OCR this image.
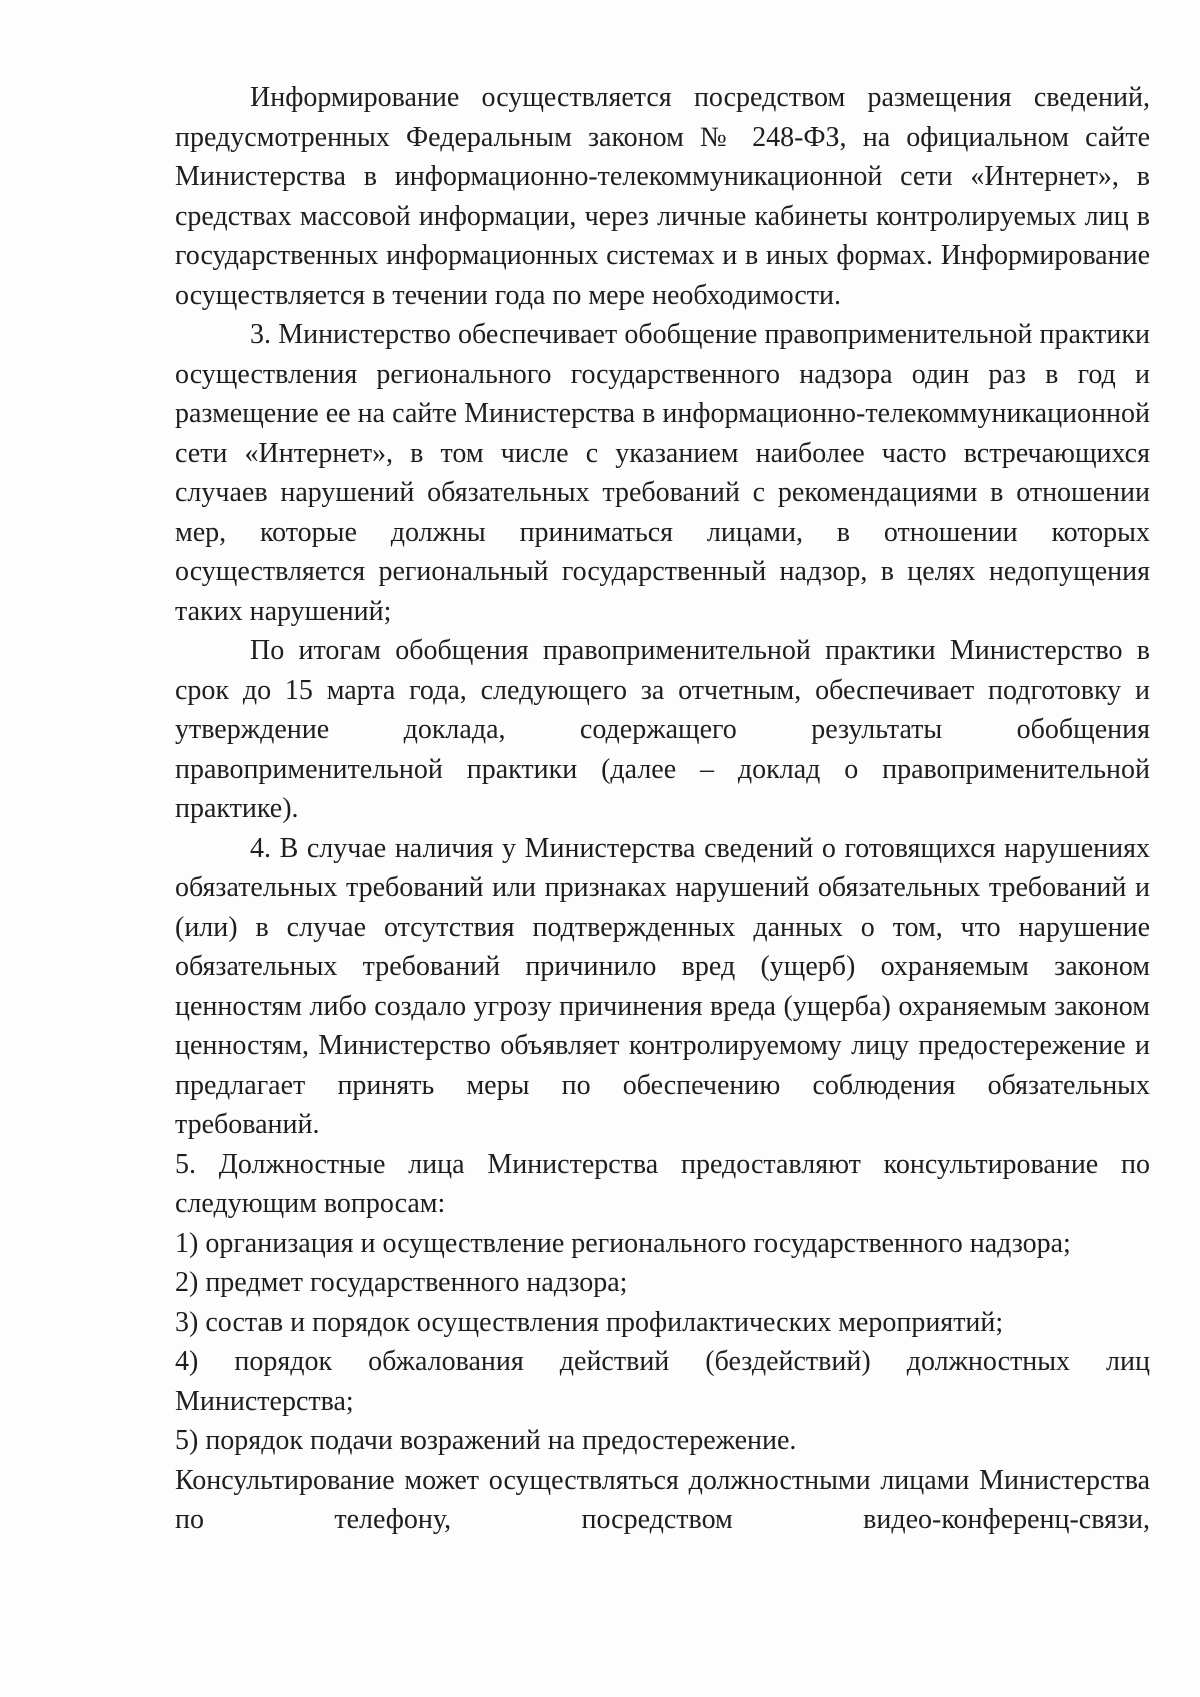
Информирование осуществляется посредством размещения сведений, предусмотренных Федеральным законом № 248-ФЗ, на официальном сайте Министерства в информационно-телекоммуникационной сети «Интернет», в средствах массовой информации, через личные кабинеты контролируемых лиц в государственных информационных системах и в иных формах. Информирование осуществляется в течении года по мере необходимости.

3. Министерство обеспечивает обобщение правоприменительной практики осуществления регионального государственного надзора один раз в год и размещение ее на сайте Министерства в информационно-телекоммуникационной сети «Интернет», в том числе с указанием наиболее часто встречающихся случаев нарушений обязательных требований с рекомендациями в отношении мер, которые должны приниматься лицами, в отношении которых осуществляется региональный государственный надзор, в целях недопущения таких нарушений;

По итогам обобщения правоприменительной практики Министерство в срок до 15 марта года, следующего за отчетным, обеспечивает подготовку и утверждение доклада, содержащего результаты обобщения правоприменительной практики (далее – доклад о правоприменительной практике).

4. В случае наличия у Министерства сведений о готовящихся нарушениях обязательных требований или признаках нарушений обязательных требований и (или) в случае отсутствия подтвержденных данных о том, что нарушение обязательных требований причинило вред (ущерб) охраняемым законом ценностям либо создало угрозу причинения вреда (ущерба) охраняемым законом ценностям, Министерство объявляет контролируемому лицу предостережение и предлагает принять меры по обеспечению соблюдения обязательных требований.

5. Должностные лица Министерства предоставляют консультирование по следующим вопросам:

1) организация и осуществление регионального государственного надзора;

2) предмет государственного надзора;

3) состав и порядок осуществления профилактических мероприятий;

4) порядок обжалования действий (бездействий) должностных лиц Министерства;

5) порядок подачи возражений на предостережение.

Консультирование может осуществляться должностными лицами Министерства по телефону, посредством видео-конференц-связи,
